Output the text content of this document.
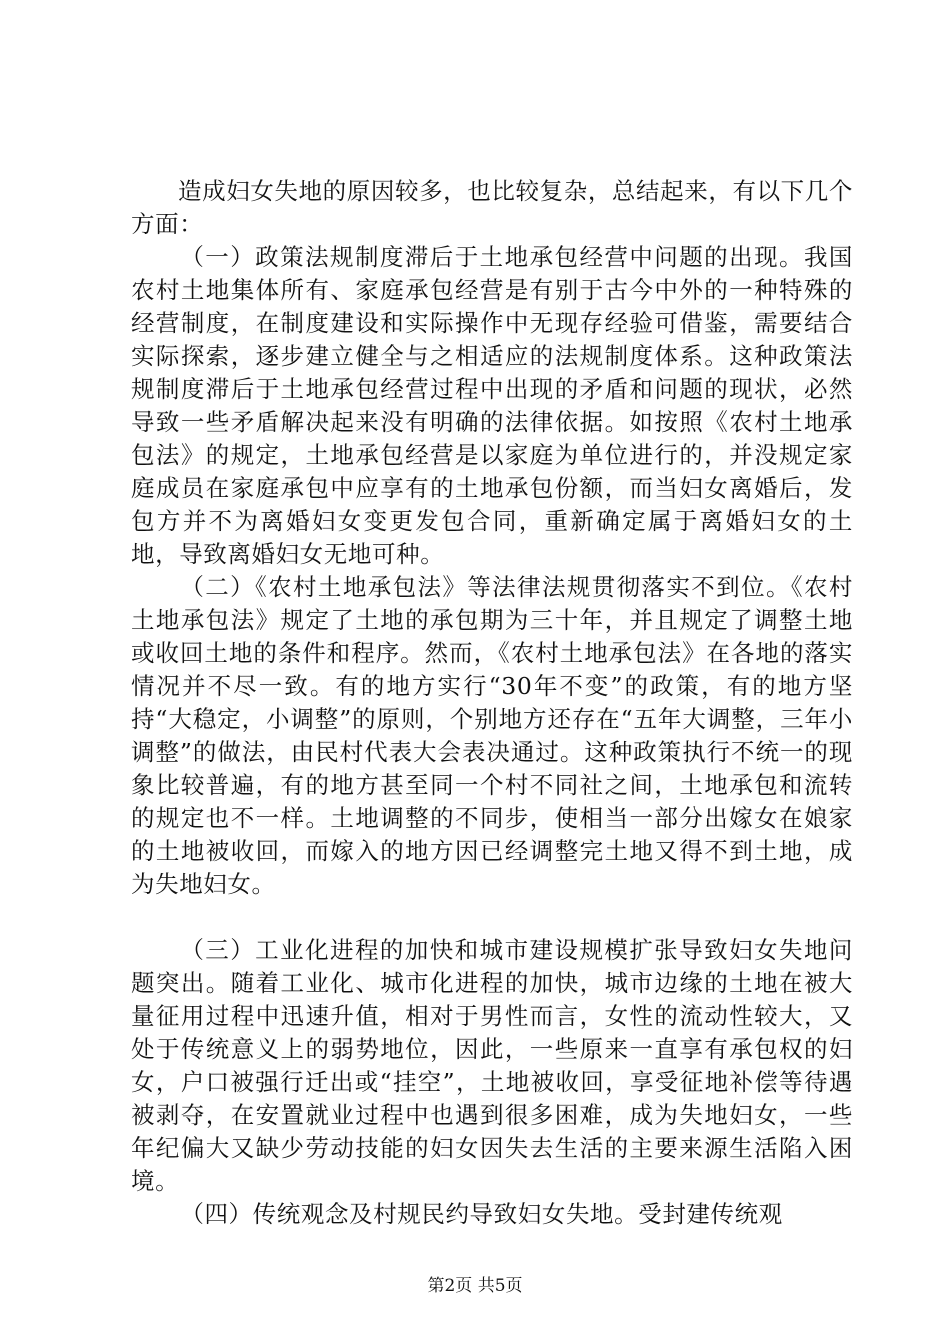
造成妇女失地的原因较多，也比较复杂，总结起来，有以下几个方面：

（一）政策法规制度滞后于土地承包经营中问题的出现。我国农村土地集体所有、家庭承包经营是有别于古今中外的一种特殊的经营制度，在制度建设和实际操作中无现存经验可借鉴，需要结合实际探索，逐步建立健全与之相适应的法规制度体系。这种政策法规制度滞后于土地承包经营过程中出现的矛盾和问题的现状，必然导致一些矛盾解决起来没有明确的法律依据。如按照《农村土地承包法》的规定，土地承包经营是以家庭为单位进行的，并没规定家庭成员在家庭承包中应享有的土地承包份额，而当妇女离婚后，发包方并不为离婚妇女变更发包合同，重新确定属于离婚妇女的土地，导致离婚妇女无地可种。

（二）《农村土地承包法》等法律法规贯彻落实不到位。《农村土地承包法》规定了土地的承包期为三十年，并且规定了调整土地或收回土地的条件和程序。然而，《农村土地承包法》在各地的落实情况并不尽一致。有的地方实行“30年不变”的政策，有的地方坚持“大稳定，小调整”的原则，个别地方还存在“五年大调整，三年小调整”的做法，由民村代表大会表决通过。这种政策执行不统一的现象比较普遍，有的地方甚至同一个村不同社之间，土地承包和流转的规定也不一样。土地调整的不同步，使相当一部分出嫁女在娘家的土地被收回，而嫁入的地方因已经调整完土地又得不到土地，成为失地妇女。

（三）工业化进程的加快和城市建设规模扩张导致妇女失地问题突出。随着工业化、城市化进程的加快，城市边缘的土地在被大量征用过程中迅速升值，相对于男性而言，女性的流动性较大，又处于传统意义上的弱势地位，因此，一些原来一直享有承包权的妇女，户口被强行迁出或“挂空”，土地被收回，享受征地补偿等待遇被剥夺，在安置就业过程中也遇到很多困难，成为失地妇女，一些年纪偏大又缺少劳动技能的妇女因失去生活的主要来源生活陷入困境。

（四）传统观念及村规民约导致妇女失地。受封建传统观

第2页 共5页
